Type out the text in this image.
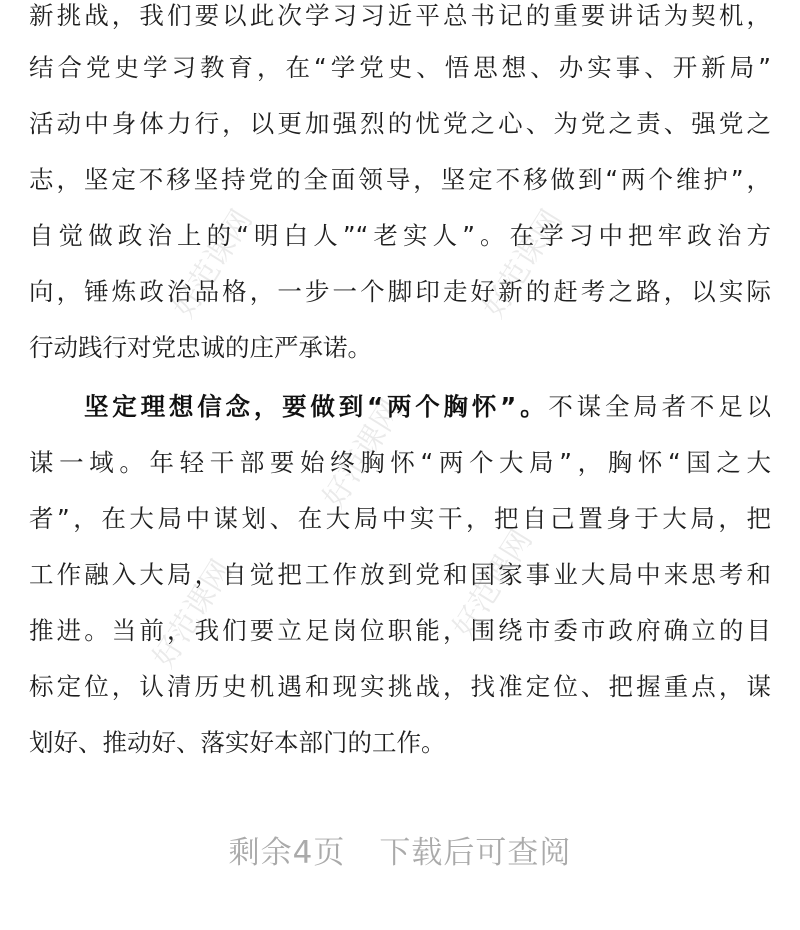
好范课网	好范课网
好范课网
好范课网	好范课网
新挑战，我们要以此次学习习近平总书记的重要讲话为契机，
结合党史学习教育，在“学党史、悟思想、办实事、开新局”
活动中身体力行，以更加强烈的忧党之心、为党之责、强党之
志，坚定不移坚持党的全面领导，坚定不移做到“两个维护”，
自觉做政治上的“明白人”“老实人”。在学习中把牢政治方
向，锤炼政治品格，一步一个脚印走好新的赶考之路，以实际
行动践行对党忠诚的庄严承诺。
坚定理想信念，要做到“两个胸怀”。不谋全局者不足以
谋一域。年轻干部要始终胸怀“两个大局”，胸怀“国之大
者”，在大局中谋划、在大局中实干，把自己置身于大局，把
工作融入大局，自觉把工作放到党和国家事业大局中来思考和
推进。当前，我们要立足岗位职能，围绕市委市政府确立的目
标定位，认清历史机遇和现实挑战，找准定位、把握重点，谋
划好、推动好、落实好本部门的工作。
剩余4页 下载后可查阅
